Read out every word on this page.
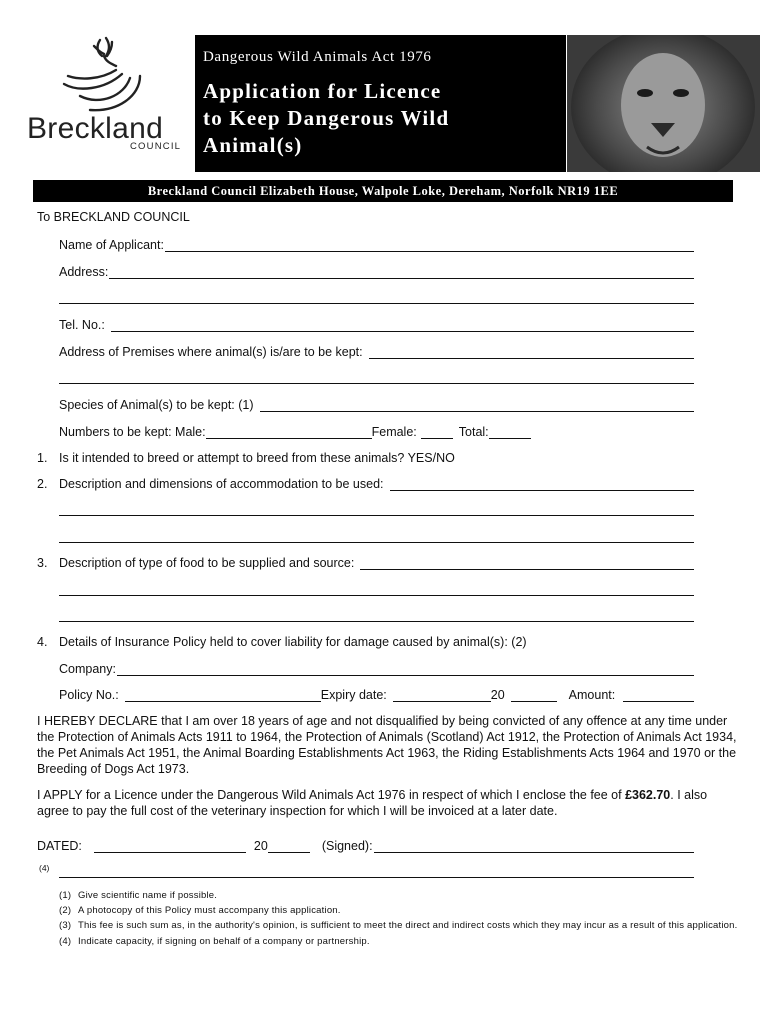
Breckland
COUNCIL
Dangerous Wild Animals Act 1976
Application for Licence
to Keep Dangerous Wild
Animal(s)
Breckland Council Elizabeth House, Walpole Loke, Dereham, Norfolk NR19 1EE
To BRECKLAND COUNCIL
Name of Applicant:
Address:
Tel. No.:
Address of Premises where animal(s) is/are to be kept:
Species of Animal(s) to be kept: (1)
Numbers to be kept: Male:	Female:	Total:
1. Is it intended to breed or attempt to breed from these animals? YES/NO
2. Description and dimensions of accommodation to be used:
3. Description of type of food to be supplied and source:
4. Details of Insurance Policy held to cover liability for damage caused by animal(s): (2)
Company:
Policy No.:	Expiry date:	20	Amount:
I HEREBY DECLARE that I am over 18 years of age and not disqualified by being convicted of any offence at any time under the Protection of Animals Acts 1911 to 1964, the Protection of Animals (Scotland) Act 1912, the Protection of Animals Act 1934, the Pet Animals Act 1951, the Animal Boarding Establishments Act 1963, the Riding Establishments Acts 1964 and 1970 or the Breeding of Dogs Act 1973.
I APPLY for a Licence under the Dangerous Wild Animals Act 1976 in respect of which I enclose the fee of £362.70. I also agree to pay the full cost of the veterinary inspection for which I will be invoiced at a later date.
DATED:	20	(Signed):
(4)
(1) Give scientific name if possible.
(2) A photocopy of this Policy must accompany this application.
(3) This fee is such sum as, in the authority's opinion, is sufficient to meet the direct and indirect costs which they may incur as a result of this application.
(4) Indicate capacity, if signing on behalf of a company or partnership.
